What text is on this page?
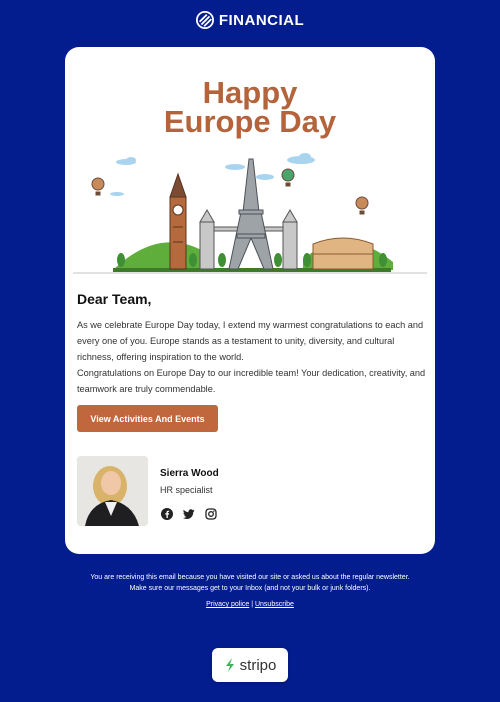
FINANCIAL
Happy
Europe Day
Dear Team,
As we celebrate Europe Day today, I extend my warmest congratulations to each and every one of you. Europe stands as a testament to unity, diversity, and cultural richness, offering inspiration to the world.
Congratulations on Europe Day to our incredible team! Your dedication, creativity, and teamwork are truly commendable.
View Activities And Events
Sierra Wood
HR specialist
You are receiving this email because you have visited our site or asked us about the regular newsletter.
Make sure our messages get to your Inbox (and not your bulk or junk folders).
Privacy police | Unsubscribe
stripo
